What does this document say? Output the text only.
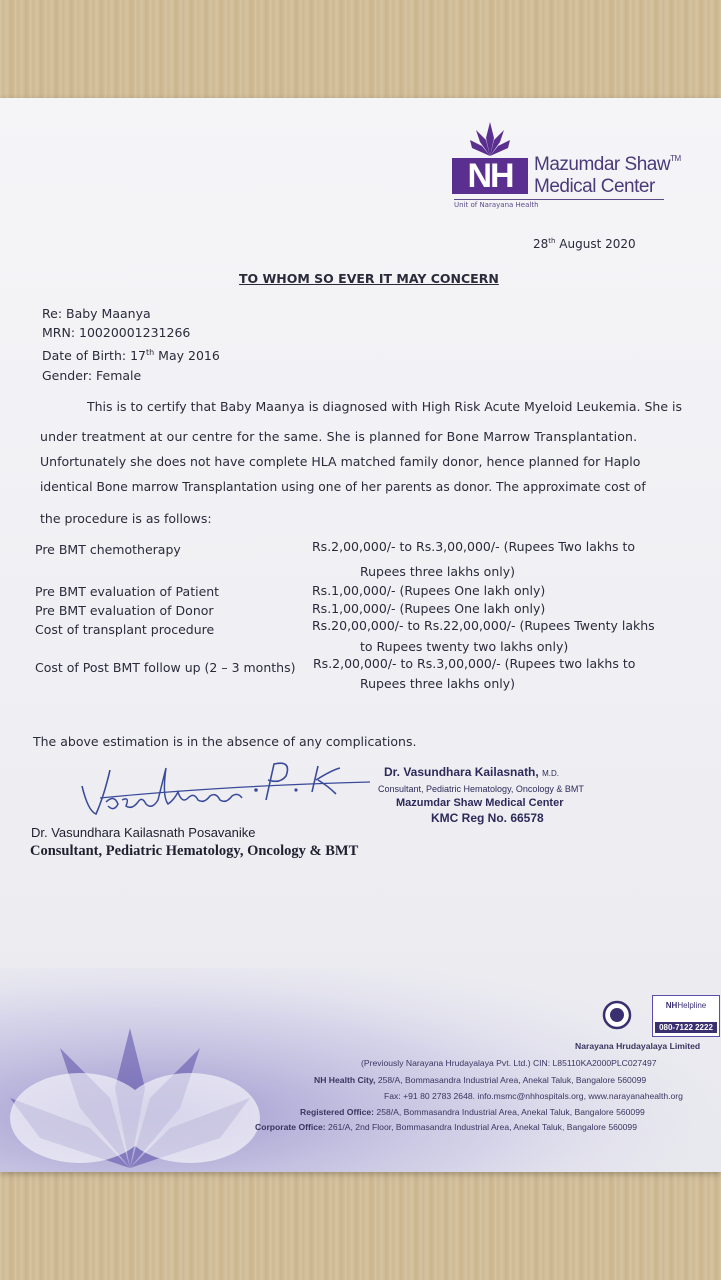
NH	Mazumdar Shaw™
Medical Center
Unit of Narayana Health
28th August 2020
TO WHOM SO EVER IT MAY CONCERN
Re: Baby Maanya
MRN: 10020001231266
Date of Birth: 17th May 2016
Gender: Female
This is to certify that Baby Maanya is diagnosed with High Risk Acute Myeloid Leukemia. She is
under treatment at our centre for the same. She is planned for Bone Marrow Transplantation.
Unfortunately she does not have complete HLA matched family donor, hence planned for Haplo
identical Bone marrow Transplantation using one of her parents as donor. The approximate cost of
the procedure is as follows:
Pre BMT chemotherapy	Rs.2,00,000/- to Rs.3,00,000/- (Rupees Two lakhs to
Rupees three lakhs only)
Pre BMT evaluation of Patient	Rs.1,00,000/- (Rupees One lakh only)
Pre BMT evaluation of Donor	Rs.1,00,000/- (Rupees One lakh only)
Cost of transplant procedure	Rs.20,00,000/- to Rs.22,00,000/- (Rupees Twenty lakhs
to Rupees twenty two lakhs only)
Cost of Post BMT follow up (2 – 3 months) Rs.2,00,000/- to Rs.3,00,000/- (Rupees two lakhs to
Rupees three lakhs only)
The above estimation is in the absence of any complications.
Dr. Vasundhara Kailasnath, M.D.
Consultant, Pediatric Hematology, Oncology & BMT
Mazumdar Shaw Medical Center
KMC Reg No. 66578
Dr. Vasundhara Kailasnath Posavanike
Consultant, Pediatric Hematology, Oncology & BMT
NHHelpline
080-7122 2222
Narayana Hrudayalaya Limited
(Previously Narayana Hrudayalaya Pvt. Ltd.) CIN: L85110KA2000PLC027497
NH Health City, 258/A, Bommasandra Industrial Area, Anekal Taluk, Bangalore 560099
Fax: +91 80 2783 2648. info.msmc@nhhospitals.org, www.narayanahealth.org
Registered Office: 258/A, Bommasandra Industrial Area, Anekal Taluk, Bangalore 560099
Corporate Office: 261/A, 2nd Floor, Bommasandra Industrial Area, Anekal Taluk, Bangalore 560099
